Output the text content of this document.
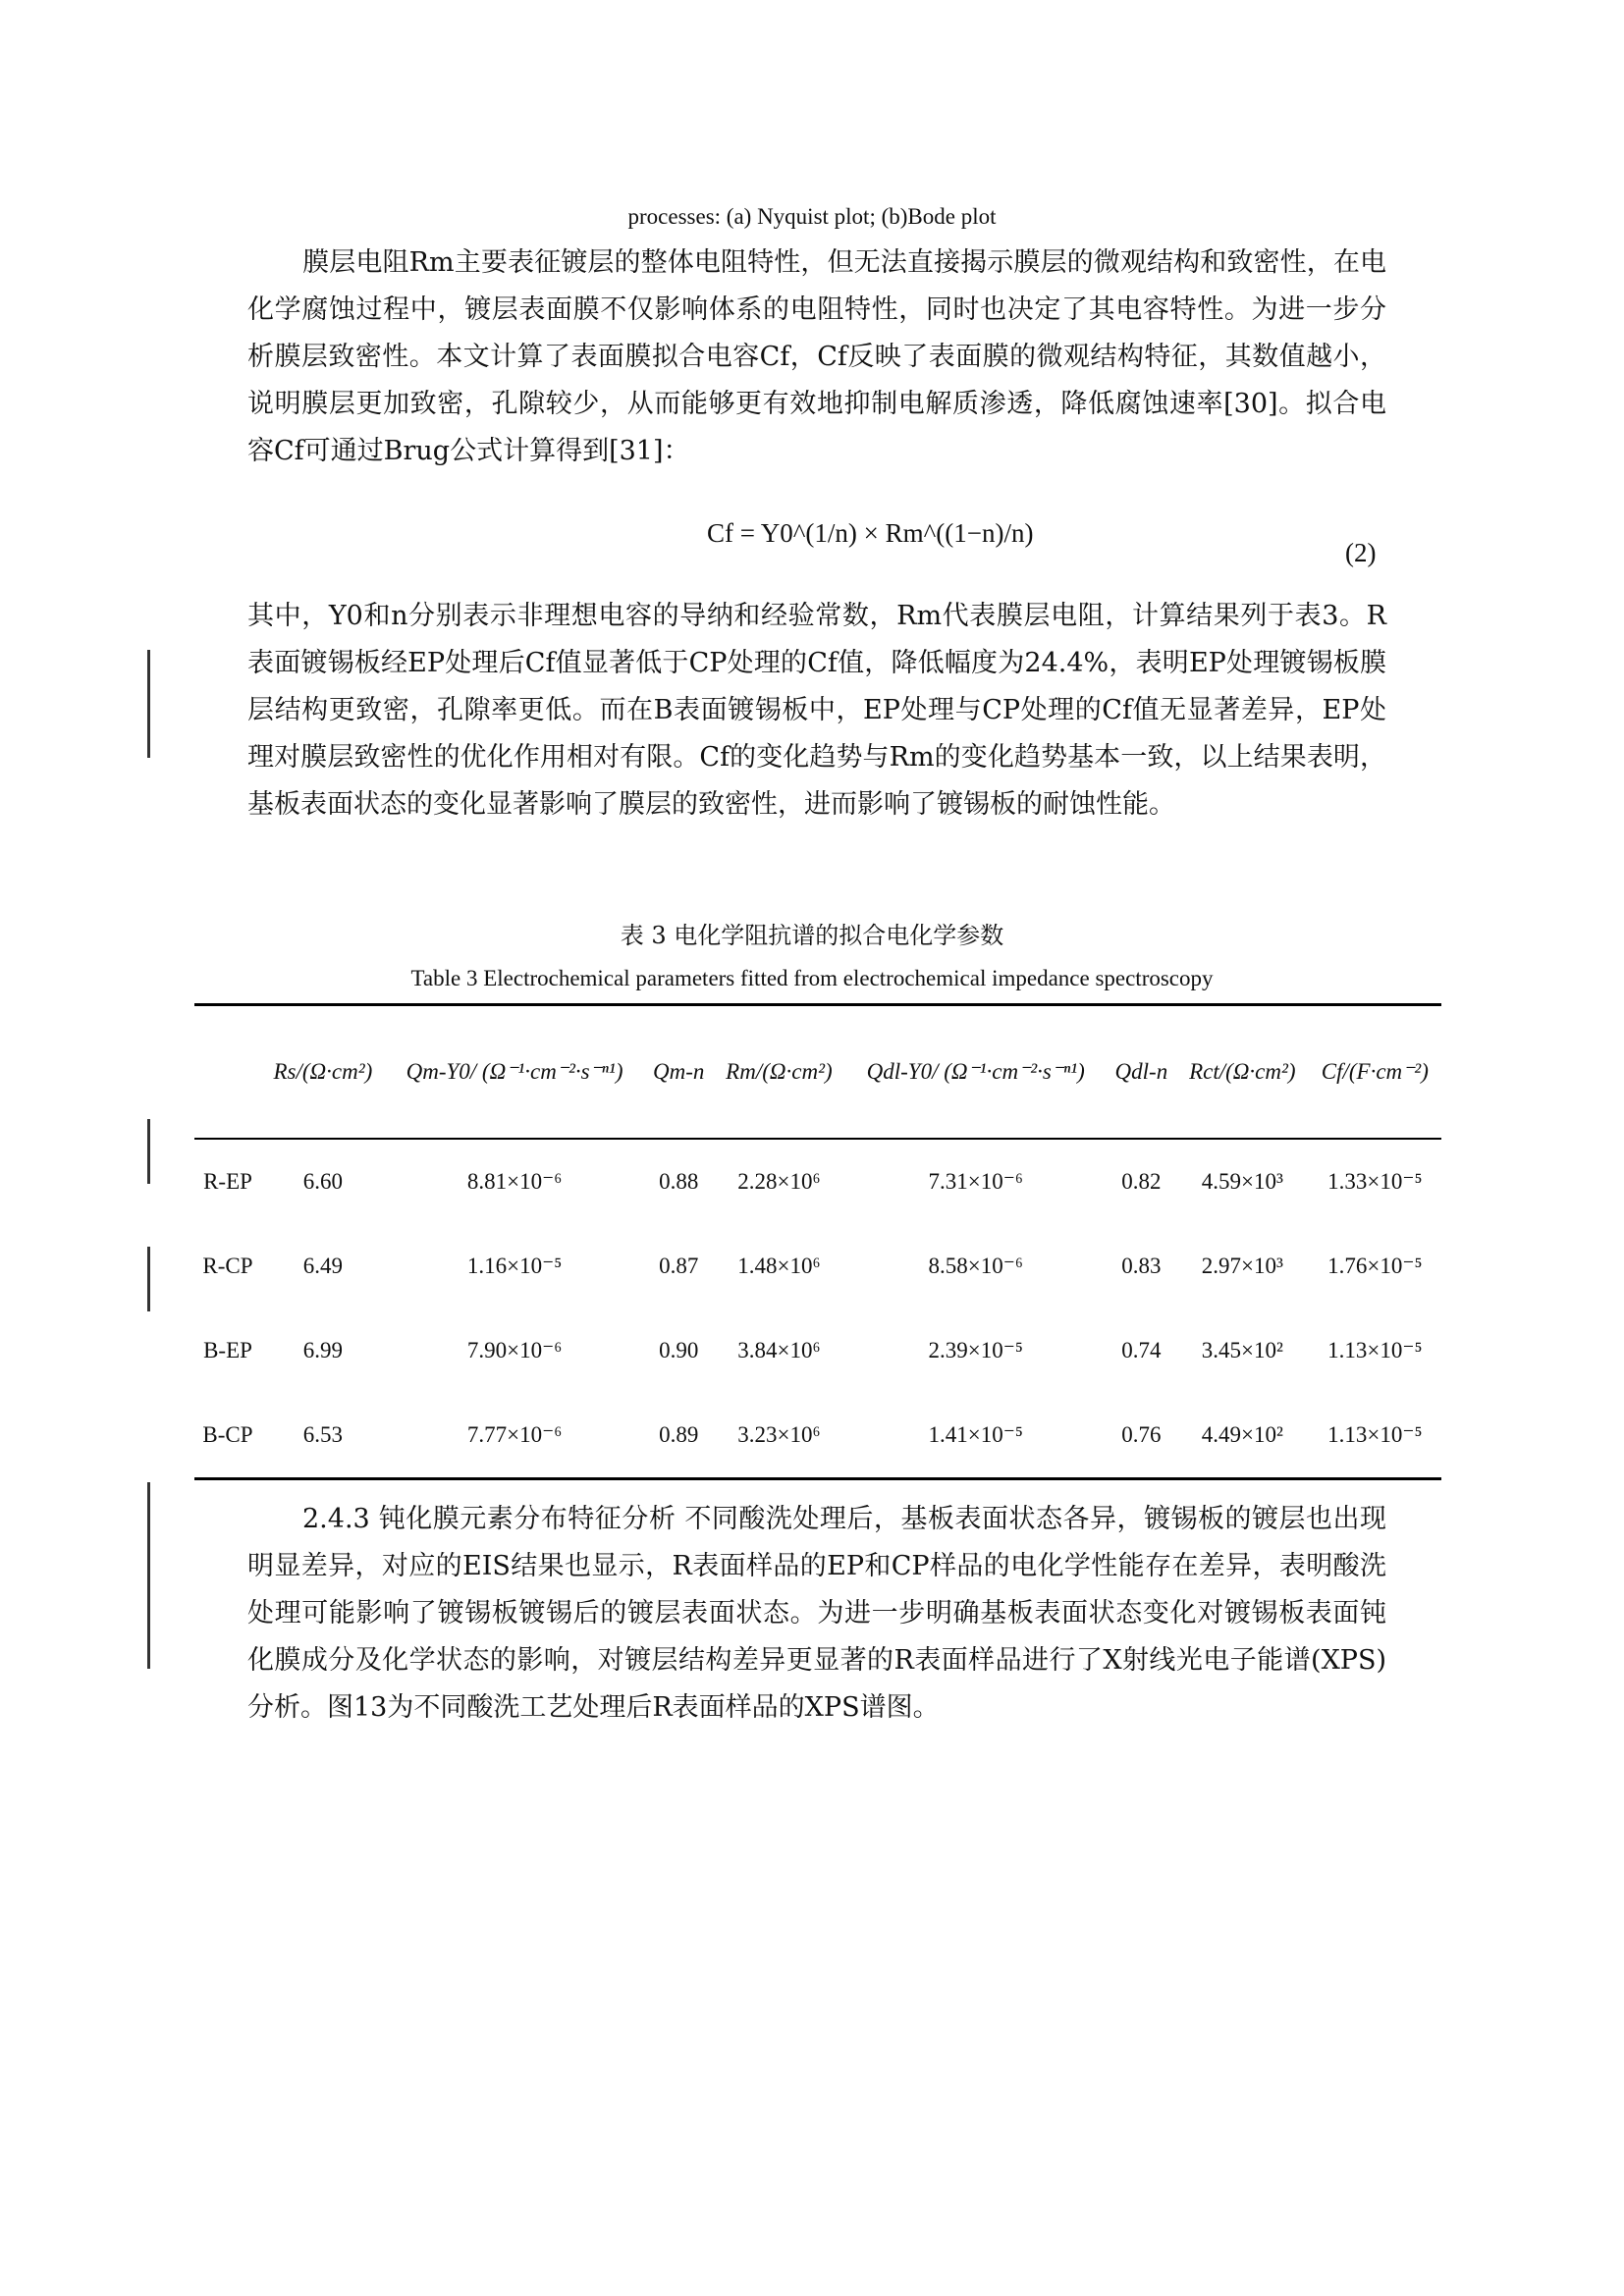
processes: (a) Nyquist plot; (b)Bode plot

膜层电阻Rm主要表征镀层的整体电阻特性，但无法直接揭示膜层的微观结构和致密性，在电化学腐蚀过程中，镀层表面膜不仅影响体系的电阻特性，同时也决定了其电容特性。为进一步分析膜层致密性。本文计算了表面膜拟合电容Cf，Cf反映了表面膜的微观结构特征，其数值越小，说明膜层更加致密，孔隙较少，从而能够更有效地抑制电解质渗透，降低腐蚀速率[30]。拟合电容Cf可通过Brug公式计算得到[31]：

Cf = Y0^(1/n) × Rm^((1−n)/n)
(2)

其中，Y0和n分别表示非理想电容的导纳和经验常数，Rm代表膜层电阻，计算结果列于表3。R表面镀锡板经EP处理后Cf值显著低于CP处理的Cf值，降低幅度为24.4%，表明EP处理镀锡板膜层结构更致密，孔隙率更低。而在B表面镀锡板中，EP处理与CP处理的Cf值无显著差异，EP处理对膜层致密性的优化作用相对有限。Cf的变化趋势与Rm的变化趋势基本一致，以上结果表明，基板表面状态的变化显著影响了膜层的致密性，进而影响了镀锡板的耐蚀性能。

表 3 电化学阻抗谱的拟合电化学参数
Table 3 Electrochemical parameters fitted from electrochemical impedance spectroscopy
	Rs/(Ω·cm²)	Qm-Y0/ (Ω⁻¹·cm⁻²·s⁻ⁿ¹)	Qm-n	Rm/(Ω·cm²)	Qdl-Y0/ (Ω⁻¹·cm⁻²·s⁻ⁿ¹)	Qdl-n	Rct/(Ω·cm²)	Cf/(F·cm⁻²)
R-EP	6.60	8.81×10⁻⁶	0.88	2.28×10⁶	7.31×10⁻⁶	0.82	4.59×10³	1.33×10⁻⁵
R-CP	6.49	1.16×10⁻⁵	0.87	1.48×10⁶	8.58×10⁻⁶	0.83	2.97×10³	1.76×10⁻⁵
B-EP	6.99	7.90×10⁻⁶	0.90	3.84×10⁶	2.39×10⁻⁵	0.74	3.45×10²	1.13×10⁻⁵
B-CP	6.53	7.77×10⁻⁶	0.89	3.23×10⁶	1.41×10⁻⁵	0.76	4.49×10²	1.13×10⁻⁵

2.4.3 钝化膜元素分布特征分析 不同酸洗处理后，基板表面状态各异，镀锡板的镀层也出现明显差异，对应的EIS结果也显示，R表面样品的EP和CP样品的电化学性能存在差异，表明酸洗处理可能影响了镀锡板镀锡后的镀层表面状态。为进一步明确基板表面状态变化对镀锡板表面钝化膜成分及化学状态的影响，对镀层结构差异更显著的R表面样品进行了X射线光电子能谱(XPS)分析。图13为不同酸洗工艺处理后R表面样品的XPS谱图。
